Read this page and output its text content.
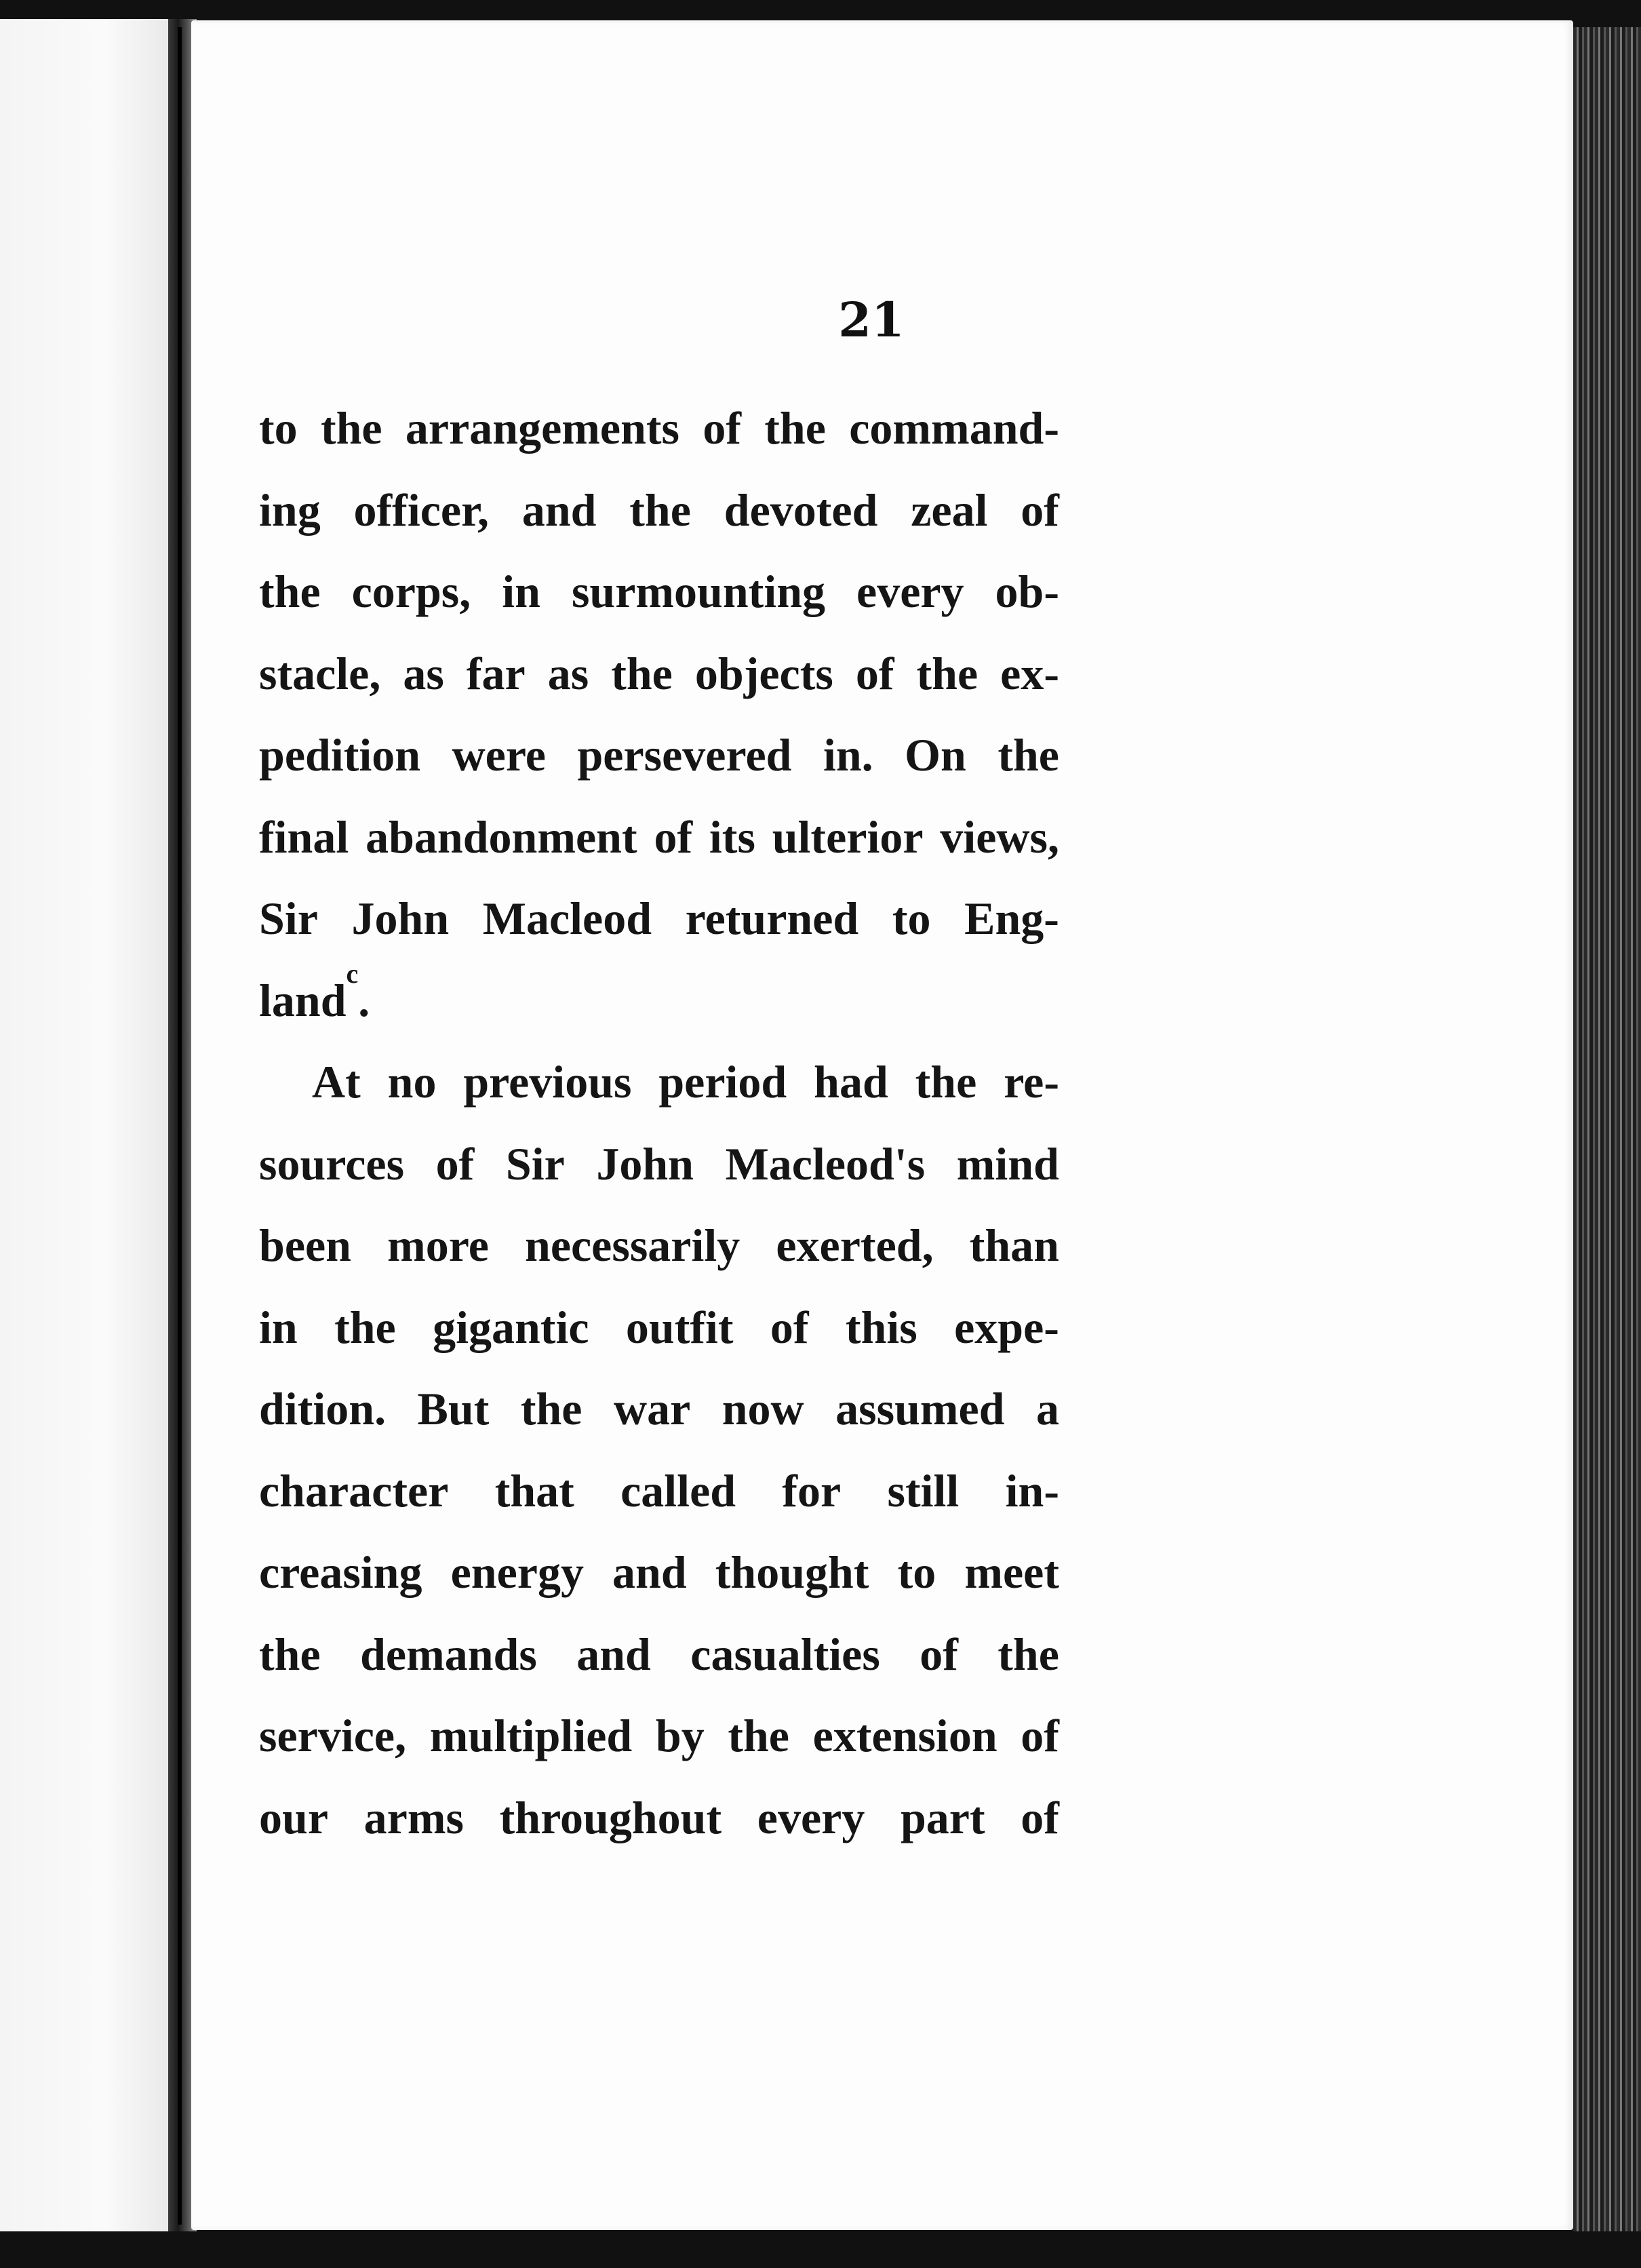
21
to the arrangements of the command-
ing officer, and the devoted zeal of
the corps, in surmounting every ob-
stacle, as far as the objects of the ex-
pedition were persevered in. On the
final abandonment of its ulterior views,
Sir John Macleod returned to Eng-
land
c
.
At no previous period had the re-
sources of Sir John Macleod's mind
been more necessarily exerted, than
in the gigantic outfit of this expe-
dition. But the war now assumed a
character that called for still in-
creasing energy and thought to meet
the demands and casualties of the
service, multiplied by the extension of
our arms throughout every part of
